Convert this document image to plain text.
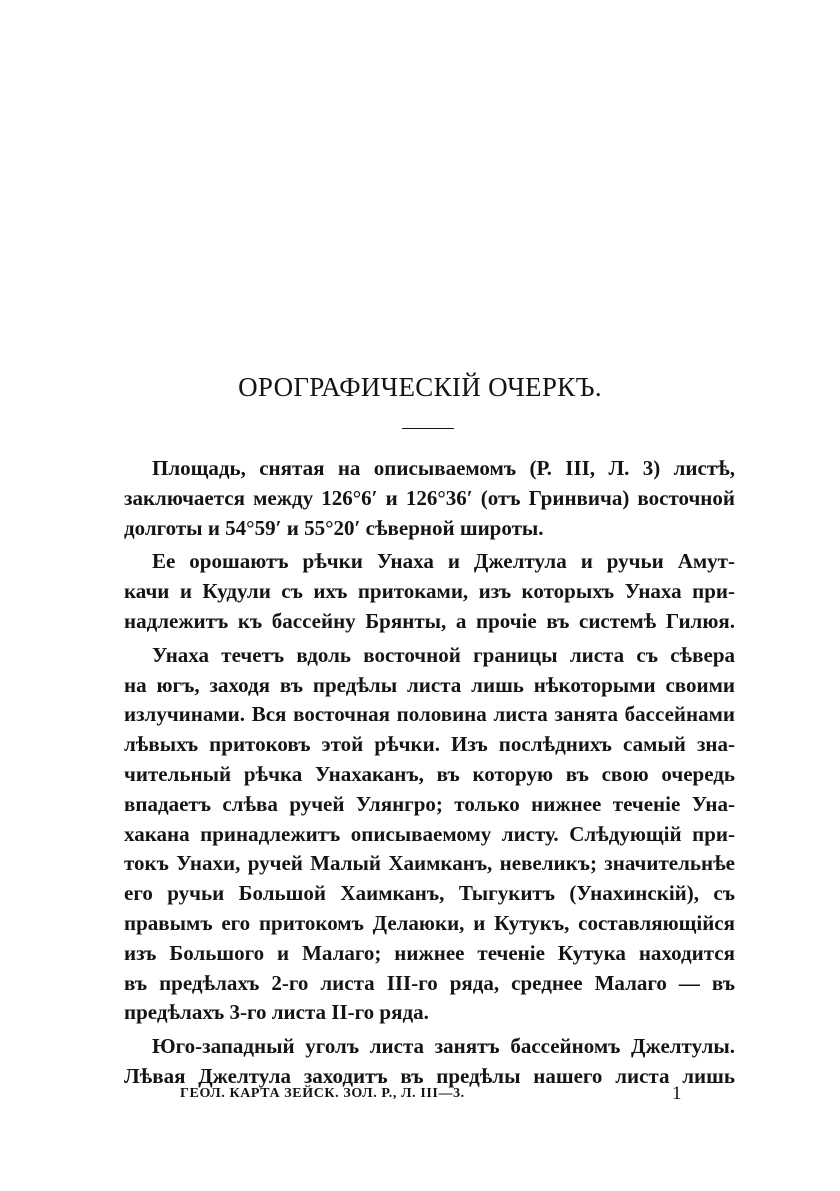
ОРОГРАФИЧЕСКІЙ ОЧЕРКЪ.
Площадь, снятая на описываемомъ (Р. III, Л. 3) листѣ,
заключается между 126°6′ и 126°36′ (отъ Гринвича) восточной
долготы и 54°59′ и 55°20′ сѣверной широты.
Ее орошаютъ рѣчки Унаха и Джелтула и ручьи Амут-
качи и Кудули съ ихъ притоками, изъ которыхъ Унаха при-
надлежитъ къ бассейну Брянты, а прочіе въ системѣ Гилюя.
Унаха течетъ вдоль восточной границы листа съ сѣвера
на югъ, заходя въ предѣлы листа лишь нѣкоторыми своими
излучинами. Вся восточная половина листа занята бассейнами
лѣвыхъ притоковъ этой рѣчки. Изъ послѣднихъ самый зна-
чительный рѣчка Унахаканъ, въ которую въ свою очередь
впадаетъ слѣва ручей Улянгро; только нижнее теченіе Уна-
хакана принадлежитъ описываемому листу. Слѣдующій при-
токъ Унахи, ручей Малый Хаимканъ, невеликъ; значительнѣе
его ручьи Большой Хаимканъ, Тыгукитъ (Унахинскій), съ
правымъ его притокомъ Делаюки, и Кутукъ, составляющійся
изъ Большого и Малаго; нижнее теченіе Кутука находится
въ предѣлахъ 2-го листа III-го ряда, среднее Малаго — въ
предѣлахъ 3-го листа II-го ряда.
Юго-западный уголъ листа занятъ бассейномъ Джелтулы.
Лѣвая Джелтула заходитъ въ предѣлы нашего листа лишь
ГЕОЛ. КАРТА ЗЕЙСК. ЗОЛ. Р., Л. III—3.	1
